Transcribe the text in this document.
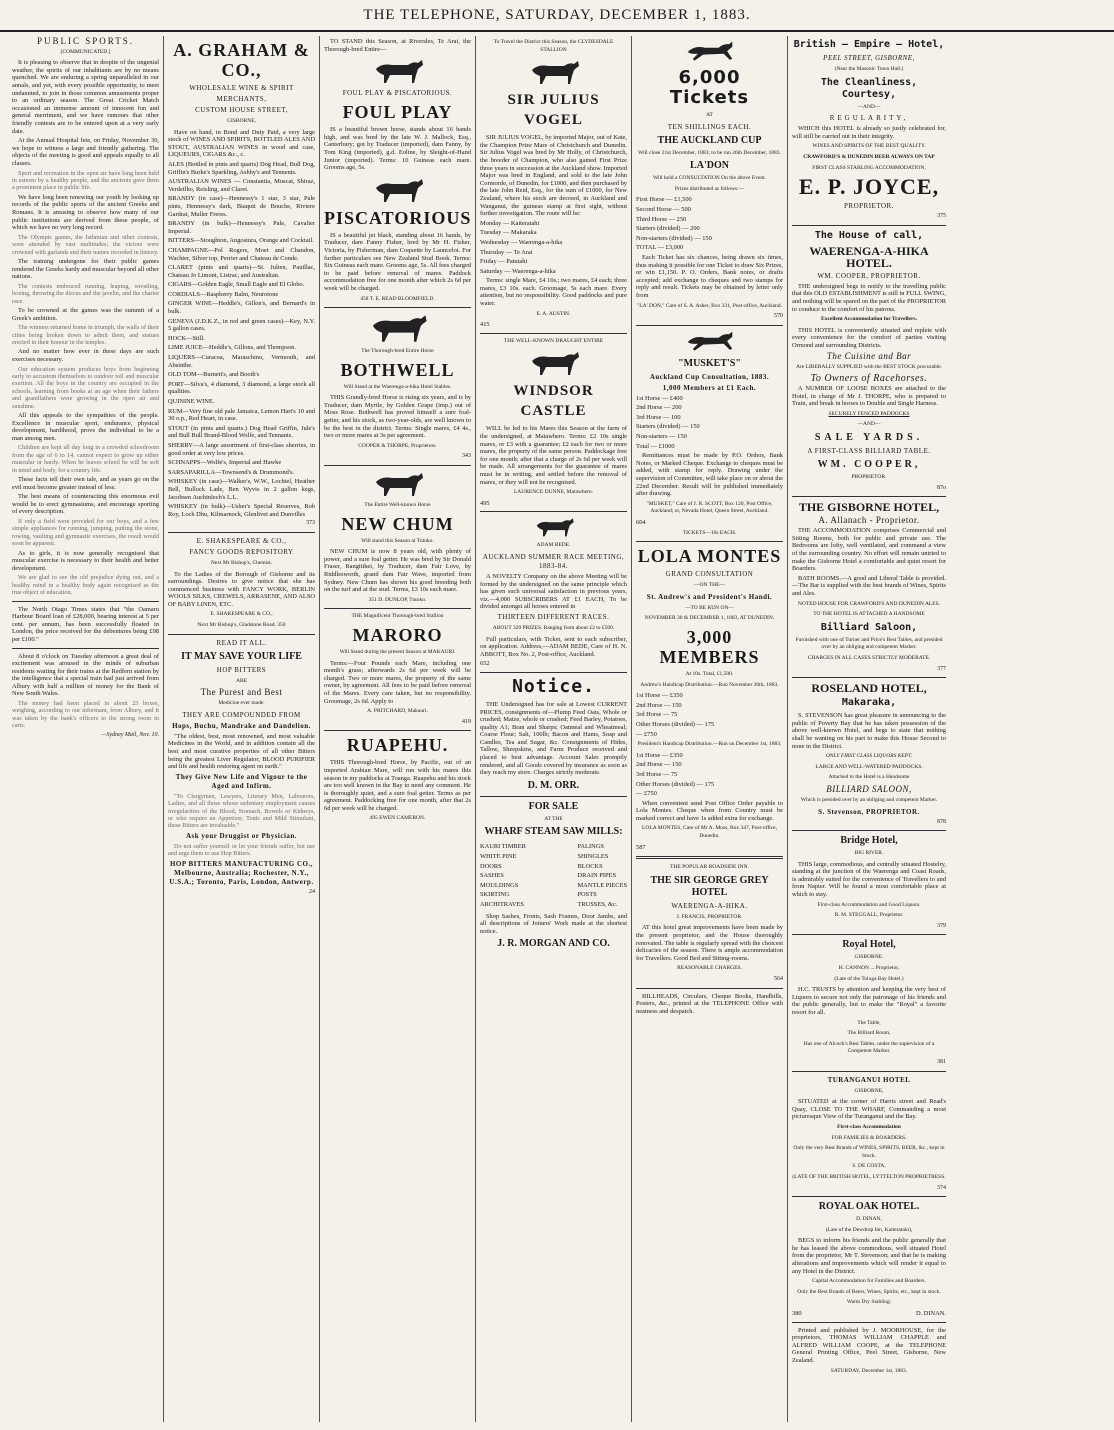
THE TELEPHONE, SATURDAY, DECEMBER 1, 1883.
PUBLIC SPORTS.
[COMMUNICATED.]

It is pleasing to observe that in despite of the ungenial weather, the spirits of our inhabitants are by no means quenched. We are enduring a spring unparalleled in our annals, and yet, with every possible opportunity, to meet undaunted, to join in those common amusements proper to an ordinary season. The Great Cricket Match occasioned an immense amount of innocent fun and general merriment, and we have rumours that other friendly contests are to be entered upon at a very early date.

At the Annual Hospital fete, on Friday, November 30, we hope to witness a large and friendly gathering. The objects of the meeting is good and appeals equally to all classes.

Sport and recreation in the open air have long been held in esteem by a healthy people, and the ancients gave them a prominent place in public life.

We have long been renewing our youth by looking up records of the public sports of the ancient Greeks and Romans. It is amusing to observe how many of our public institutions are derived from these people, of which we have no very long record.

The Olympic games, the Isthmian and other contests, were attended by vast multitudes; the victors were crowned with garlands and their names recorded in history.

The training undergone for their public games rendered the Greeks hardy and muscular beyond all other nations.

The contests embraced running, leaping, wrestling, boxing, throwing the discus and the javelin, and the chariot race.

To be crowned at the games was the summit of a Greek's ambition.

The winners returned home in triumph, the walls of their cities being broken down to admit them, and statues erected in their honour in the temples.

And no matter how ever in these days are such exercises necessary.

Our education system produces boys from beginning early to accustom themselves to outdoor toil and muscular exertion. All the boys in the country are occupied in the schools, learning from books at an age when their fathers and grandfathers were growing in the open air and sunshine.

All this appeals to the sympathies of the people. Excellence in muscular sport, endurance, physical development, hardihood, prove the individual to be a man among men.

Children are kept all day long in a crowded schoolroom from the age of 6 to 14, cannot expect to grow up either muscular or hardy. When he leaves school he will be soft in mind and body, for a country life.

These facts tell their own tale, and as years go on the evil must become greater instead of less.

The best means of counteracting this enormous evil would be to erect gymnasiums, and encourage sporting of every description.

If only a field were provided for our boys, and a few simple appliances for running, jumping, putting the stone, rowing, vaulting and gymnastic exercises, the result would soon be apparent.

As to girls, it is now generally recognised that muscular exercise is necessary to their health and better development.

We are glad to see the old prejudice dying out, and a healthy mind in a healthy body again recognised as the true object of education.

The North Otago Times states that "the Oamaru Harbour Board loan of £28,000, bearing interest at 5 per cent. per annum, has been successfully floated in London, the price received for the debentures being £98 per £100."

About 8 o'clock on Tuesday afternoon a great deal of excitement was aroused in the minds of suburban residents waiting for their trains at the Redfern station by the intelligence that a special train had just arrived from Albury with half a million of money for the Bank of New South Wales.

The money had been placed in about 25 boxes, weighing, according to our informant, from Albury, and it was taken by the bank's officers to the strong room in carts.

—Sydney Mail, Nov. 10.
A. GRAHAM & CO.,
WHOLESALE WINE & SPIRIT
MERCHANTS,
CUSTOM HOUSE STREET,
GISBORNE,

Have on hand, in Bond and Duty Paid, a very large stock of WINES AND SPIRITS, BOTTLED ALES AND STOUT, AUSTRALIAN WINES in wood and case, LIQUEURS, CIGARS &c., c.

ALES (Bottled in pints and quarts) Dog Head, Bull Dog, Griffin's Burke's Sparkling, Ashby's and Tennents.
AUSTRALIAN WINES — Constantia, Muscat, Shiraz, Verdeilho, Reisling, and Claret.
BRANDY (in case)—Hennessy's 1 star, 3 star, Pale pints, Hennessy's dark, Biaquit de Bouche, Riviere Gardrat, Muller Freres.
BRANDY (in bulk)—Hennessy's Pale, Cavalier Imperial.
BITTERS—Stoughton, Angostura, Orange and Cocktail.
CHAMPAGNE—Pol Rogers, Moet and Chandon, Wachter, Silver top, Perrier and Chateau de Conde.
CLARET (pints and quarts)—St. Julien, Pauillac, Chateau Jo Limont, Listrac, and Australian.
CIGARS—Golden Eagle, Small Eagle and El Globo.
CORDIALS—Raspberry Balm, Neurotone
GINGER WINE—Heddle's, Gillon's, and Bernard's in bulk.
GENEVA (J.D.K.Z., in red and green cases)—Key, N.Y. 5 gallon cases.
HOCK—Still.
LIME JUICE—Heddle's, Gillons, and Thompson.
LIQUERS—Curacoa, Maraschino, Vermouth, and Absinthe.
OLD TOM—Burnett's, and Booth's
PORT—Silva's, 4 diamond, 3 diamond, a large stock all qualities.
QUININE WINE.
RUM—Very fine old pale Jamaica, Lemon Hart's 10 and 30 o.p., Red Heart, in case.
STOUT (in pints and quarts.) Dog Head Griffin, Jule's and Bull Bull Brand-Blood Wolfe, and Tennants.
SHERRY—A large assortment of first-class sherries, in good order at very low prices.
SCHNAPPS—Wolfe's, Imperial and Hawke
SARSAPARILLA—Townsend's & Drummond's.
WHISKEY (in case)—Walker's, W.W., Lochiel, Heather Bell, Bullock Lade, Ben Wyvis in 2 gallon kegs, Jacobsen Auchinlech's L.L.
WHISKEY (in bulk)—Usher's Special Reserves, Rob Roy, Loch Dhu, Kilmarnock, Glenlivet and Dunvilles
373
E. SHAKESPEARE & CO.,
FANCY GOODS REPOSITORY
Next Mr Bishop's, Chemist.

To the Ladies of the Borough of Gisborne and its surroundings. Desires to give notice that she has commenced business with FANCY WORK, BERLIN WOOLS SILKS, CREWELS, ARRASENE, AND ALSO OF BABY LINEN, ETC.

E. SHAKESPEARE & CO.,
Next Mr Bishop's, Gladstone Road. 350
READ IT ALL.
IT MAY SAVE YOUR LIFE
HOP BITTERS
ARE
The Purest and Best
Medicine ever made.
THEY ARE COMPOUNDED FROM
Hops, Buchu, Mandrake and Dandelion.

"The oldest, best, most renowned, and most valuable Medicines in the World, and in addition contain all the best and most curative properties of all other Bitters being the greatest Liver Regulator, BLOOD PURIFIER and life and health restoring agent on earth."

They Give New Life and Vigour to the Aged and Infirm.

"To Clergymen, Lawyers, Literary Men, Labourers, Ladies, and all those whose sedentary employment causes irregularities of the Blood, Stomach, Bowels or Kidneys, or who require an Appetizer, Tonic and Mild Stimulant, these Bitters are invaluable."

Ask your Druggist or Physician.

Do not suffer yourself or let your friends suffer, but use and urge them to use Hop Bitters.

HOP BITTERS MANUFACTURING CO., Melbourne, Australia; Rochester, N.Y., U.S.A.; Toronto, Paris, London, Antwerp.
24

TO STAND this Season, at Riversles, Te Arai, the Thorough-bred Entire—

FOUL PLAY & PISCATORIOUS.
FOUL PLAY

IS a beautiful brown horse, stands about 16 hands high, and was bred by the late W. J. Mallock, Esq., Canterbury; got by Traducer (imported), dam Fanny, by Tom King (imported), g.d. Eoline, by Sleight-of-Hand Junior (imported). Terms: 10 Guineas each mare. Grooms age, 5s.

PISCATORIOUS

IS a beautiful jet black, standing about 16 hands, by Traducer, dam Fanny Fisher, bred by Mr H. Fisher, Victoria, by Fisherman, dam Coquette by Launcelot. For further particulars see New Zealand Stud Book. Terms: Six Guineas each mare. Grooms age, 5s. All fees charged to be paid before removal of mares. Paddock accommodation free for one month after which 2s 6d per week will be charged.

458 T. E. READ BLOOMFIELD.
The Thorough-bred Entire Horse
BOTHWELL
Will Stand at the Waerenga-a-hika Hotel Stables.

THIS Grandly-bred Horse is rising six years, and is by Traducer, dam Myrtle, by Golden Grape (imp.) out of Moss Rose. Bothwell has proved himself a sure foal-getter, and his stock, as two-year-olds, are well known to be the best in the district. Terms: Single mares, £4 4s., two or more mares at 3s per agreement.

COOPER & THORPE, Proprietors.
343
The Entire Well-known Horse
NEW CHUM
Will stand this Season at Tutoko.

NEW CHUM is now 8 years old, with plenty of power, and a sure foal getter. He was bred by Sir Donald Fraser, Rangitikei, by Traducer, dam Fair Love, by Riddlesworth, grand dam Fair Wave, imported from Sydney. New Chum has shown his good breeding both on the turf and at the stud. Terms, £3 10s each mare.

351 D. DUNLOP, Tutoko.
THE Magnificent Thorough-bred Stallion
MARORO
Will Stand during the present Season at MAKAURI.

Terms:—Four Pounds each Mare, including one month's grass; afterwards 2s 6d per week will be charged. Two or more mares, the property of the same owner, by agreement. All fees to be paid before removal of the Mares. Every care taken, but no responsibility. Groomage, 2s 6d. Apply to

A. PRITCHARD, Makauri.
419
RUAPEHU.

THIS Thorough-bred Horse, by Pacific, out of an imported Arabian Mare, will run with his mares this season in my paddocks at Toanga. Ruapehu and his stock are too well known in the Bay to need any comment. He is thoroughly quiet, and a sure foal getter. Terms as per agreement. Paddocking free for one month, after that 2s 6d per week will be charged.

495 EWEN CAMERON.
To Travel the District this Season, the CLYDESDALE STALLION
SIR JULIUS VOGEL

SIR JULIUS VOGEL, by imported Major, out of Kate, the Champion Prize Mare of Christchurch and Dunedin. Sir Julius Vogel was bred by Mr Holly, of Christchurch, the breeder of Champion, who also gained First Prize three years in succession at the Auckland show. Imported Major was bred in England, and sold to the late John Cormorde, of Dunedin, for £1000, and then purchased by the late John Reid, Esq., for the sum of £1000, for New Zealand, where his stock are decreed, in Auckland and Wanganui, the guineas stamp at first sight, without further investigation. The route will be:

Monday — Kaiteratahi
Tuesday — Makaraka
Wednesday — Waerenga-a-hika
Thursday — Te Arai
Friday — Patutahi
Saturday — Waerenga-a-hika

Terms: single Mare, £4 10s.; two mares, £4 each; three mares, £3 10s. each. Groomage, 5s each mare. Every attention, but no responsibility. Good paddocks and pure water.

E. A. AUSTIN.
415
THE WELL-KNOWN DRAUGHT ENTIRE
WINDSOR CASTLE

WILL be led to his Mares this Season at the farm of the undersigned, at Matawhero. Terms: £2 10s single mares, or £3 with a guarantee; £2 each for two or more mares, the property of the same person. Paddockage free for one month; after that a charge of 2s 6d per week will be made. All arrangements for the guarantee of mares must be in writing, and settled before the removal of mares, or they will not be recognised.

LAURENCE DUNNE, Matawhero.
495
ADAM BEDE.
AUCKLAND SUMMER RACE MEETING, 1883-84.

A NOVELTY Company on the above Meeting will be formed by the undersigned on the same principle which has given such universal satisfaction in previous years, viz.—4,000 SUBSCRIBERS AT £1 EACH, To be divided amongst all horses entered in

THIRTEEN DIFFERENT RACES.
ABOUT 320 PRIZES. Ranging from about £2 to £500.

Full particulars, with Ticket, sent to each subscriber, on application. Address,—ADAM BEDE, Care of H. N. ABBOTT, Box No. 2, Post-office, Auckland.

652
Notice.

THE Undersigned has for sale at Lowest CURRENT PRICES, consignments of—Plump Feed Oats, Whole or crushed; Maize, whole or crushed; Feed Barley, Potatoes, quality A1; Bran and Sharps; Oatmeal and Wheatmeal; Coarse Flour; Salt, 100lb; Bacon and Hams, Soap and Candles, Tea and Sugar, &c. Consignments of Hides, Tallow, Sheepskins, and Farm Produce received and placed to best advantage. Account Sales promptly rendered, and all Goods covered by insurance as soon as they reach my store. Charges strictly moderate.

D. M. ORR.
FOR SALE
AT THE
WHARF STEAM SAW MILLS:
KAURI TIMBER
WHITE PINE
DOORS
SASHES
MOULDINGS
SKIRTING
ARCHITRAVES
PALINGS
SHINGLES
BLOCKS
DRAIN PIPES
MANTLE PIECES
POSTS
TRUSSES, &c.

Shop Sashes, Fronts, Sash Frames, Door Jambs, and all descriptions of Joiners' Work made at the shortest notice.

J. R. MORGAN AND CO.
6,000 Tickets
AT
TEN SHILLINGS EACH.
THE AUCKLAND CUP
Will close 21st December, 1883; to be run 26th December, 1883.
LA'DON
Will hold a CONSULTATION On the above Event.
Prizes distributed as follows:—
First Horse — £1,500
Second Horse — 500
Third Horse — 250
Starters (divided) — 200
Non-starters (divided) — 150
TOTAL — £3,000

Each Ticket has six chances, being drawn six times, thus making it possible for one Ticket to draw Six Prizes, or win £1,150. P. O. Orders, Bank notes, or drafts accepted; add exchange to cheques and two stamps for reply and result. Tickets may be obtained by letter only from

"LA' DON," Care of S. A. Asher, Box 331, Post-office, Auckland.
570
"MUSKET'S"
Auckland Cup Consultation, 1883.
1,000 Members at £1 Each.
1st Horse — £400
2nd Horse — 200
3rd Horse — 100
Starters (divided) — 150
Non-starters — 150
Total — £1000

Remittances must be made by P.O. Orders, Bank Notes, or Marked Cheque. Exchange to cheques must be added, with stamp for reply. Drawing under the supervision of Committee, will take place on or about the 22nd December. Result will be published immediately after drawing.

"MUSKET," Care of J. R. SCOTT, Box 120, Post Office, Auckland; or, Nevada Hotel, Queen Street, Auckland.
604
TICKETS—10s EACH.
LOLA MONTES
GRAND CONSULTATION
—ON THE—
St. Andrew's and President's Handi.
—TO BE RUN ON—
NOVEMBER 30 & DECEMBER 1, 1883, AT DUNEDIN.
3,000 MEMBERS
At 10s. Total, £1,500.
Andrew's Handicap Distribution.—Run November 30th, 1883.
1st Horse — £350
2nd Horse — 150
3rd Horse — 75
Other Horses (divided) — 175
— £750
President's Handicap Distribution.—Run on December 1st, 1883.
1st Horse — £350
2nd Horse — 150
3rd Horse — 75
Other Horses (divided) — 175
— £750

When convenient send Post Office Order payable to Lola Montes. Cheque when from Country must be marked correct and have 1s added extra for exchange.

LOLA MONTES, Care of Mr A. Moss, Box 347, Post-office, Dunedin.
587
THE POPULAR ROADSIDE INN.
THE SIR GEORGE GREY HOTEL
WAERENGA-A-HIKA.
J. FRANCIS, PROPRIETOR.

AT this hotel great improvements have been made by the present proprietor, and the House thoroughly renovated. The table is regularly spread with the choicest delicacies of the season. There is ample accommodation for Travellers. Good Bed and Sitting-rooms.

REASONABLE CHARGES.
564

BILLHEADS, Circulars, Cheque Books, Handbills, Posters, &c., printed at the TELEPHONE Office with neatness and despatch.

British — Empire — Hotel,
PEEL STREET, GISBORNE,
(Near the Masonic Town Hall.)
The Cleanliness, Courtesy,
—AND—
REGULARITY,

WHICH this HOTEL is already so justly celebrated for, will still be carried out in their integrity.

WINES AND SPIRITS OF THE BEST QUALITY.
CRAWFORD'S & DUNEDIN BEER ALWAYS ON TAP
FIRST CLASS STABLING ACCOMMODATION,
E. P. JOYCE,
PROPRIETOR.
375
The House of call,
WAERENGA-A-HIKA HOTEL.
WM. COOPER, PROPRIETOR.

THE undersigned begs to notify to the travelling public that this OLD ESTABLISHMENT is still in FULL SWING, and nothing will be spared on the part of the PROPRIETOR to conduce to the comfort of his patrons.

Excellent Accommodation for Travellers.

THIS HOTEL is conveniently situated and replete with every convenience for the comfort of parties visiting Ormond and surrounding Districts.

The Cuisine and Bar
Are LIBERALLY SUPPLIED with the BEST STOCK procurable.
To Owners of Racehorses.

A NUMBER OF LOOSE BOXES are attached to the Hotel, in charge of Mr J. THORPE, who is prepared to Train, and break in horses to Double and Single Harness.

SECURELY FENCED PADDOCKS
—AND—
SALE YARDS.
A FIRST-CLASS BILLIARD TABLE.
WM. COOPER,
PROPRIETOR.
87o
THE GISBORNE HOTEL,
A. Allanach - Proprietor.

THE ACCOMMODATION comprises Commercial and Sitting Rooms, both for public and private use. The Bedrooms are lofty, well ventilated, and command a view of the surrounding country. No effort will remain untried to make the Gisborne Hotel a comfortable and quiet resort for Boarders.

BATH ROOMS.—A good and Liberal Table is provided.—The Bar is supplied with the best brands of Wines, Spirits and Ales.

NOTED HOUSE FOR CRAWFORD'S AND DUNEDIN ALES.
TO THE HOTEL IS ATTACHED A HANDSOME
Billiard Saloon,
Furnished with one of Turner and Price's Best Tables, and presided over by an obliging and competent Marker.
CHARGES IN ALL CASES STRICTLY MODERATE.
377
ROSELAND HOTEL,
Makaraka,

S. STEVENSON has great pleasure in announcing to the public of Poverty Bay that he has taken possession of the above well-known Hotel, and begs to state that nothing shall be wanting on his part to make this House Second to none in the District.

ONLY FIRST CLASS LIQUORS KEPT.
LARGE AND WELL-WATERED PADDOCKS.
Attached to the Hotel is a Handsome
BILLIARD SALOON,
Which is presided over by an obliging and competent Marker.
S. Stevenson, PROPRIETOR.
878
Bridge Hotel,
BIG RIVER.

THIS large, commodious, and centrally situated Hostelry, standing at the junction of the Waerenga and Coast Roads, is admirably suited for the convenience of Travellers to and from Napier. Will be found a most comfortable place at which to stay.

First-class Accommodation and Good Liquors.
R. M. STEGGALL, Proprietor.
379
Royal Hotel,
GISBORNE.
H. CANNON ... Proprietor,
(Late of the Tologa Bay Hotel.)

H.C. TRUSTS by attention and keeping the very best of Liquors to secure not only the patronage of his friends and the public generally, but to make the "Royal" a favorite resort for all.

The Table,
The Billiard Room,
Has one of Alcock's Best Tables, under the supervision of a Competent Marker.
381
TURANGANUI HOTEL
GISBORNE,

SITUATED at the corner of Harris street and Read's Quay, CLOSE TO THE WHARF, Commanding a most picturesque View of the Turanganui and the Bay.

First-class Accommodation
FOR FAMILIES & BOARDERS.
Only the very Best Brands of WINES, SPIRITS, BEER, &c., kept in Stock.
S. DE COSTA,
(LATE OF THE BRITISH HOTEL, LYTTELTON PROPRIETRESS.
374
ROYAL OAK HOTEL.
D. DINAN,
(Late of the Dewdrop Inn, Kaiteratahi),

BEGS to inform his friends and the public generally that he has leased the above commodious, well situated Hotel from the proprietor, Mr T. Stevenson; and that he is making alterations and improvements which will render it equal to any Hotel in the District.

Capital Accommodation for Families and Boarders.
Only the Best Brands of Beers, Wines, Spirits, etc., kept in stock.
Warm Dry Stabling.
380	D. DINAN.

Printed and published by J. MOORHOUSE, for the proprietors, THOMAS WILLIAM CHAPPLE and ALFRED WILLIAM COOPE, at the TELEPHONE General Printing Office, Peel Street, Gisborne, New Zealand.

SATURDAY, December 1st, 1883.
